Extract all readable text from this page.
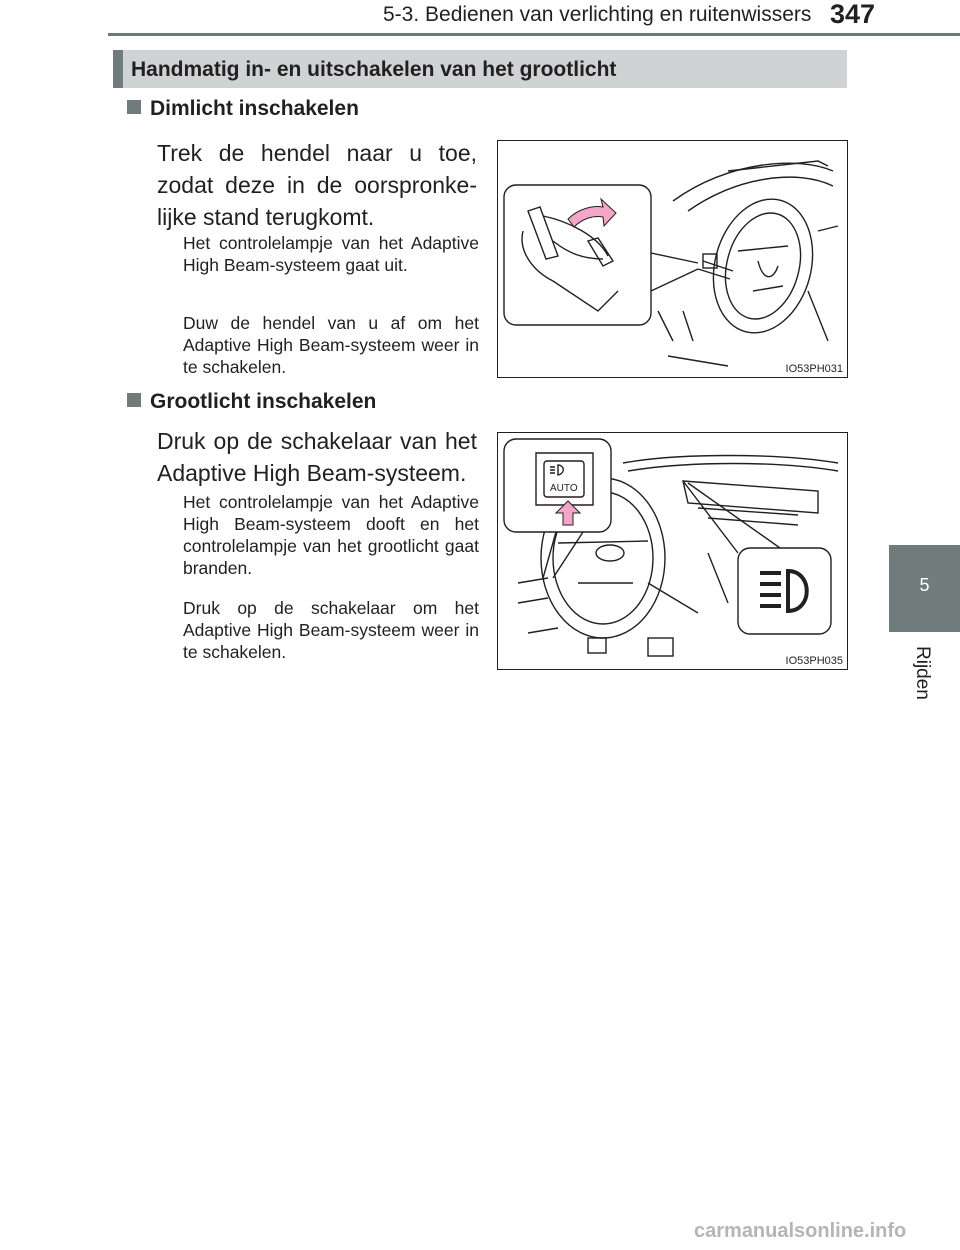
5-3. Bedienen van verlichting en ruitenwissers 347
5
Rijden
Handmatig in- en uitschakelen van het grootlicht
Dimlicht inschakelen
Trek de hendel naar u toe, zodat deze in de oorspronke-lijke stand terugkomt.
Het controlelampje van het Adaptive High Beam-systeem gaat uit.
Duw de hendel van u af om het Adaptive High Beam-systeem weer in te schakelen.	IO53PH031
Grootlicht inschakelen
Druk op de schakelaar van het Adaptive High Beam-systeem.
Het controlelampje van het Adaptive High Beam-systeem dooft en het controlelampje van het grootlicht gaat branden.
Druk op de schakelaar om het Adaptive High Beam-systeem weer in te schakelen.
AUTO
IO53PH035
carmanualsonline.info
